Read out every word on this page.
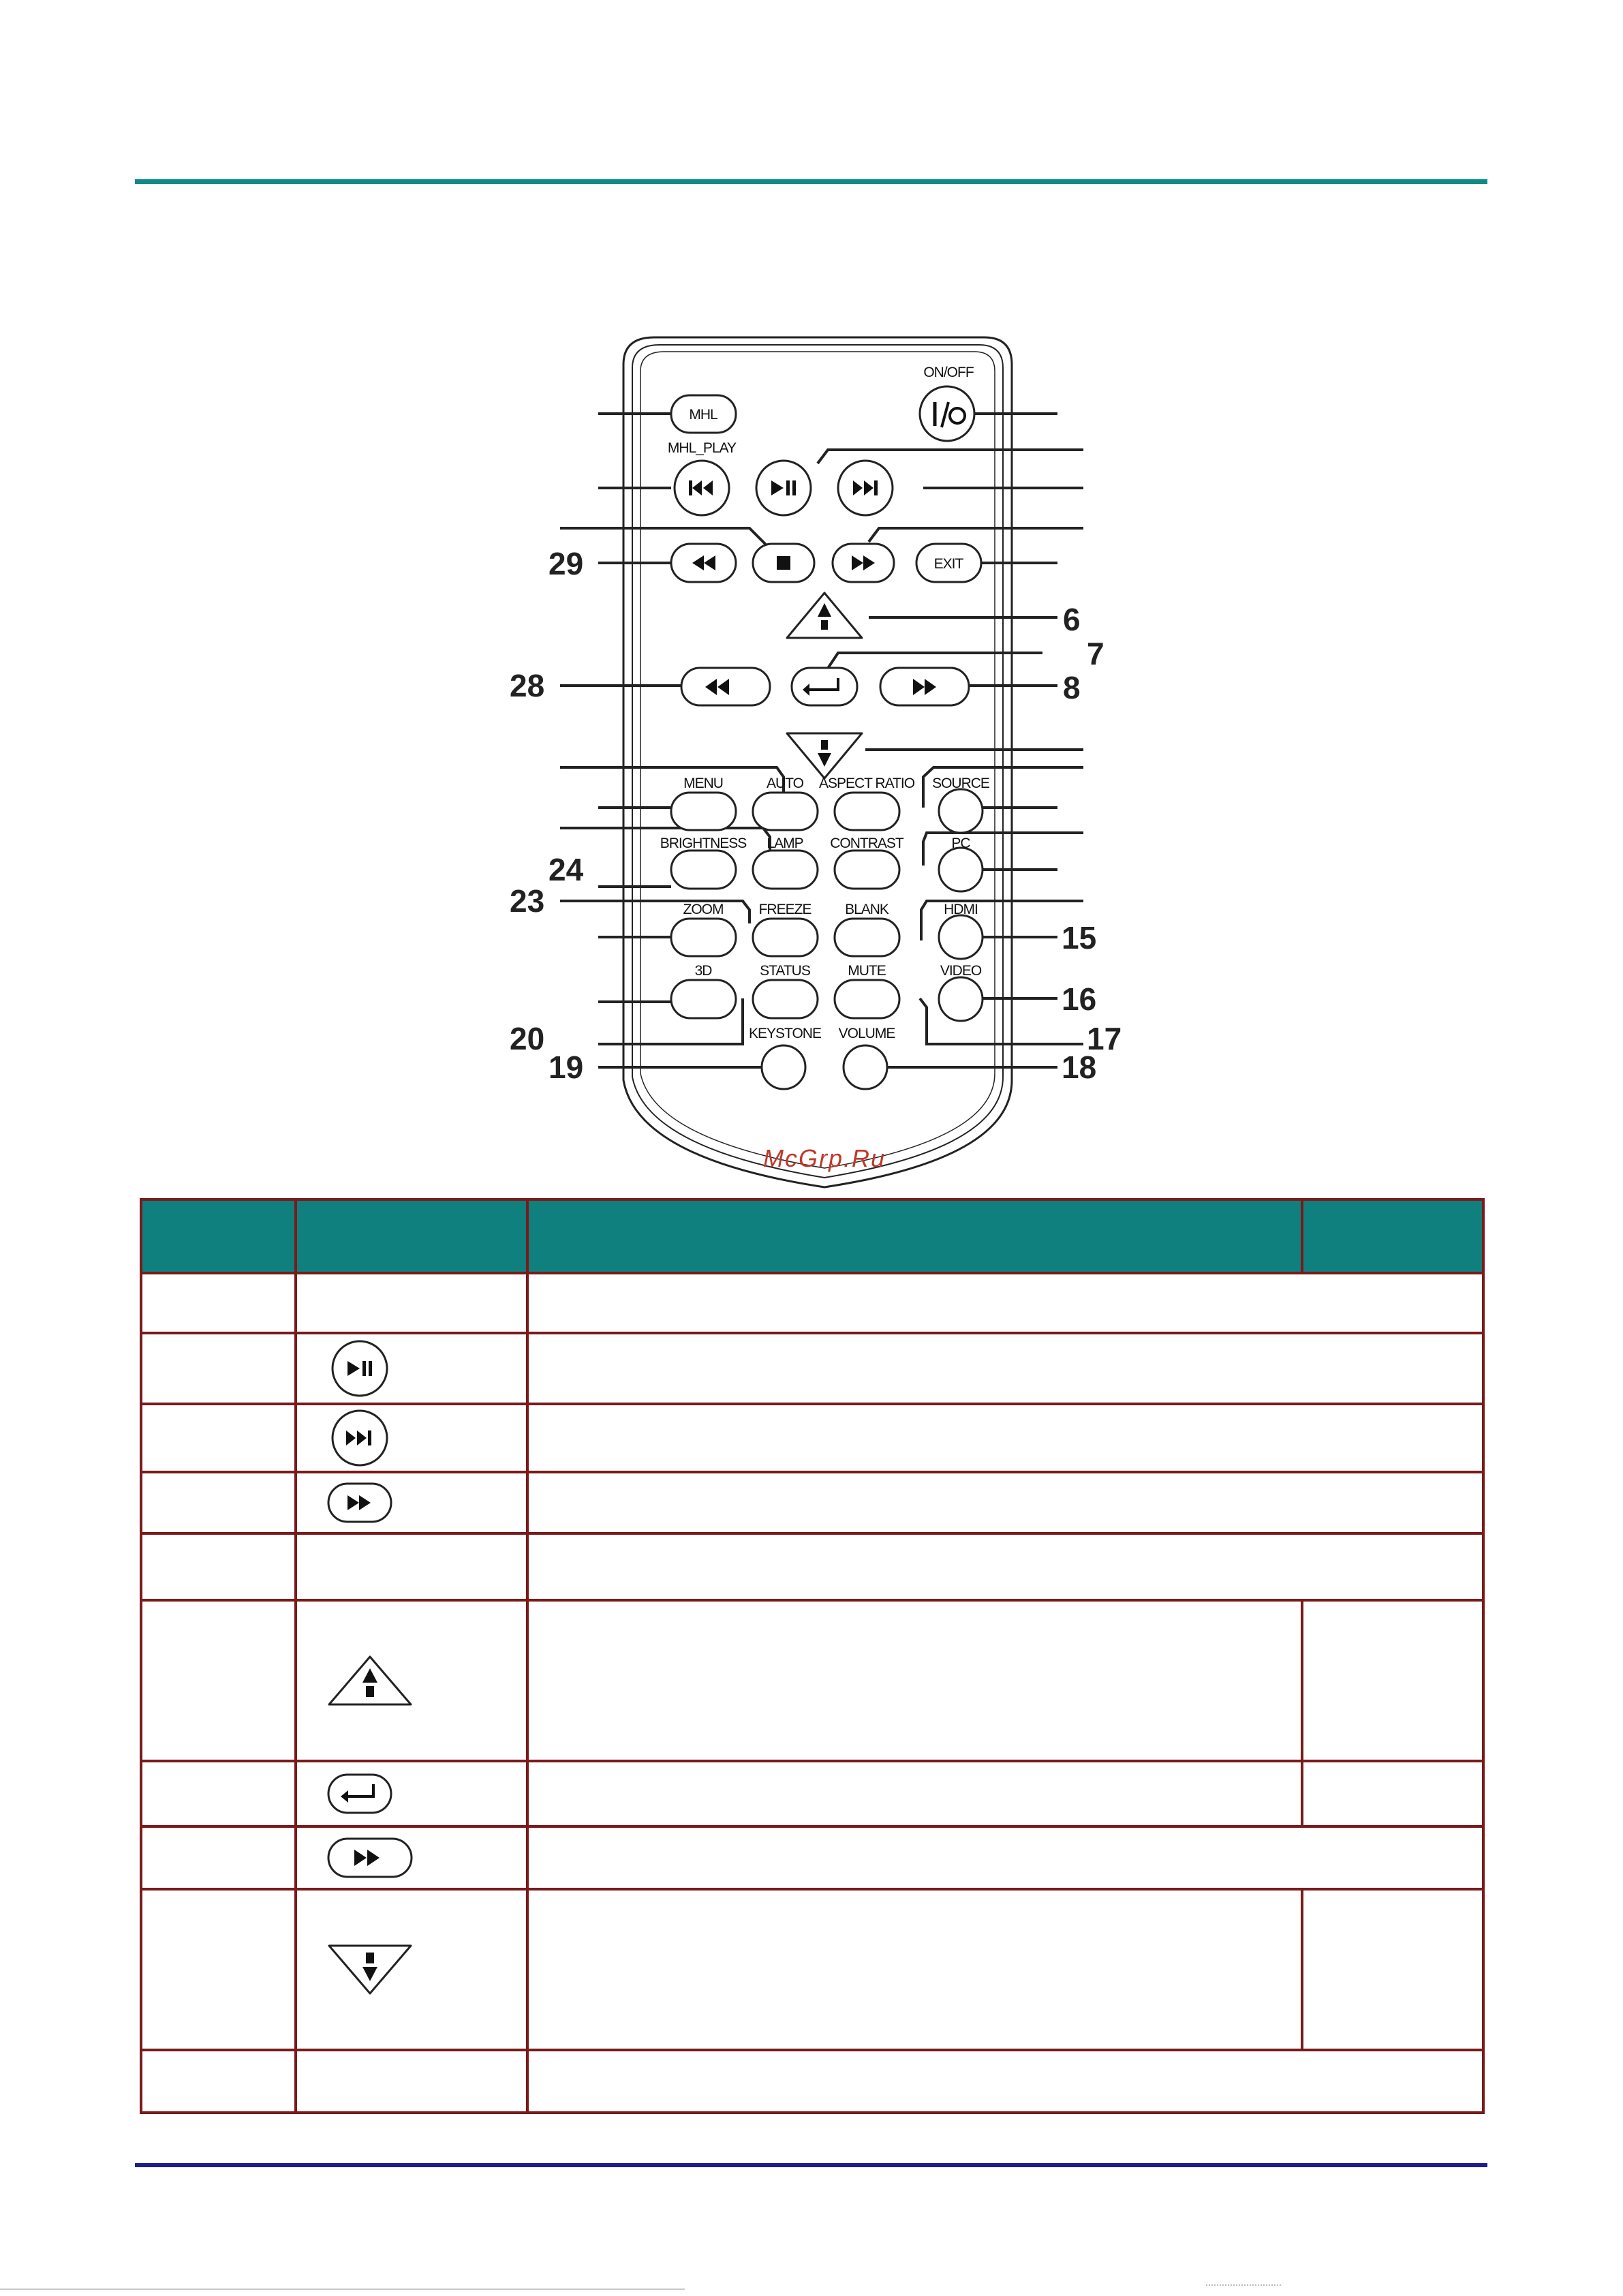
MHL
ON/OFF
MHL_PLAY
EXIT
MENU	AUTO ASPECT RATIO SOURCE
BRIGHTNESS LAMP CONTRAST	PC
ZOOM FREEZE BLANK	HDMI
3D	STATUS	MUTE	VIDEO
KEYSTONE VOLUME
6
7
8
15
16
17
18
19
20
23
24
28
29
McGrp.Ru
